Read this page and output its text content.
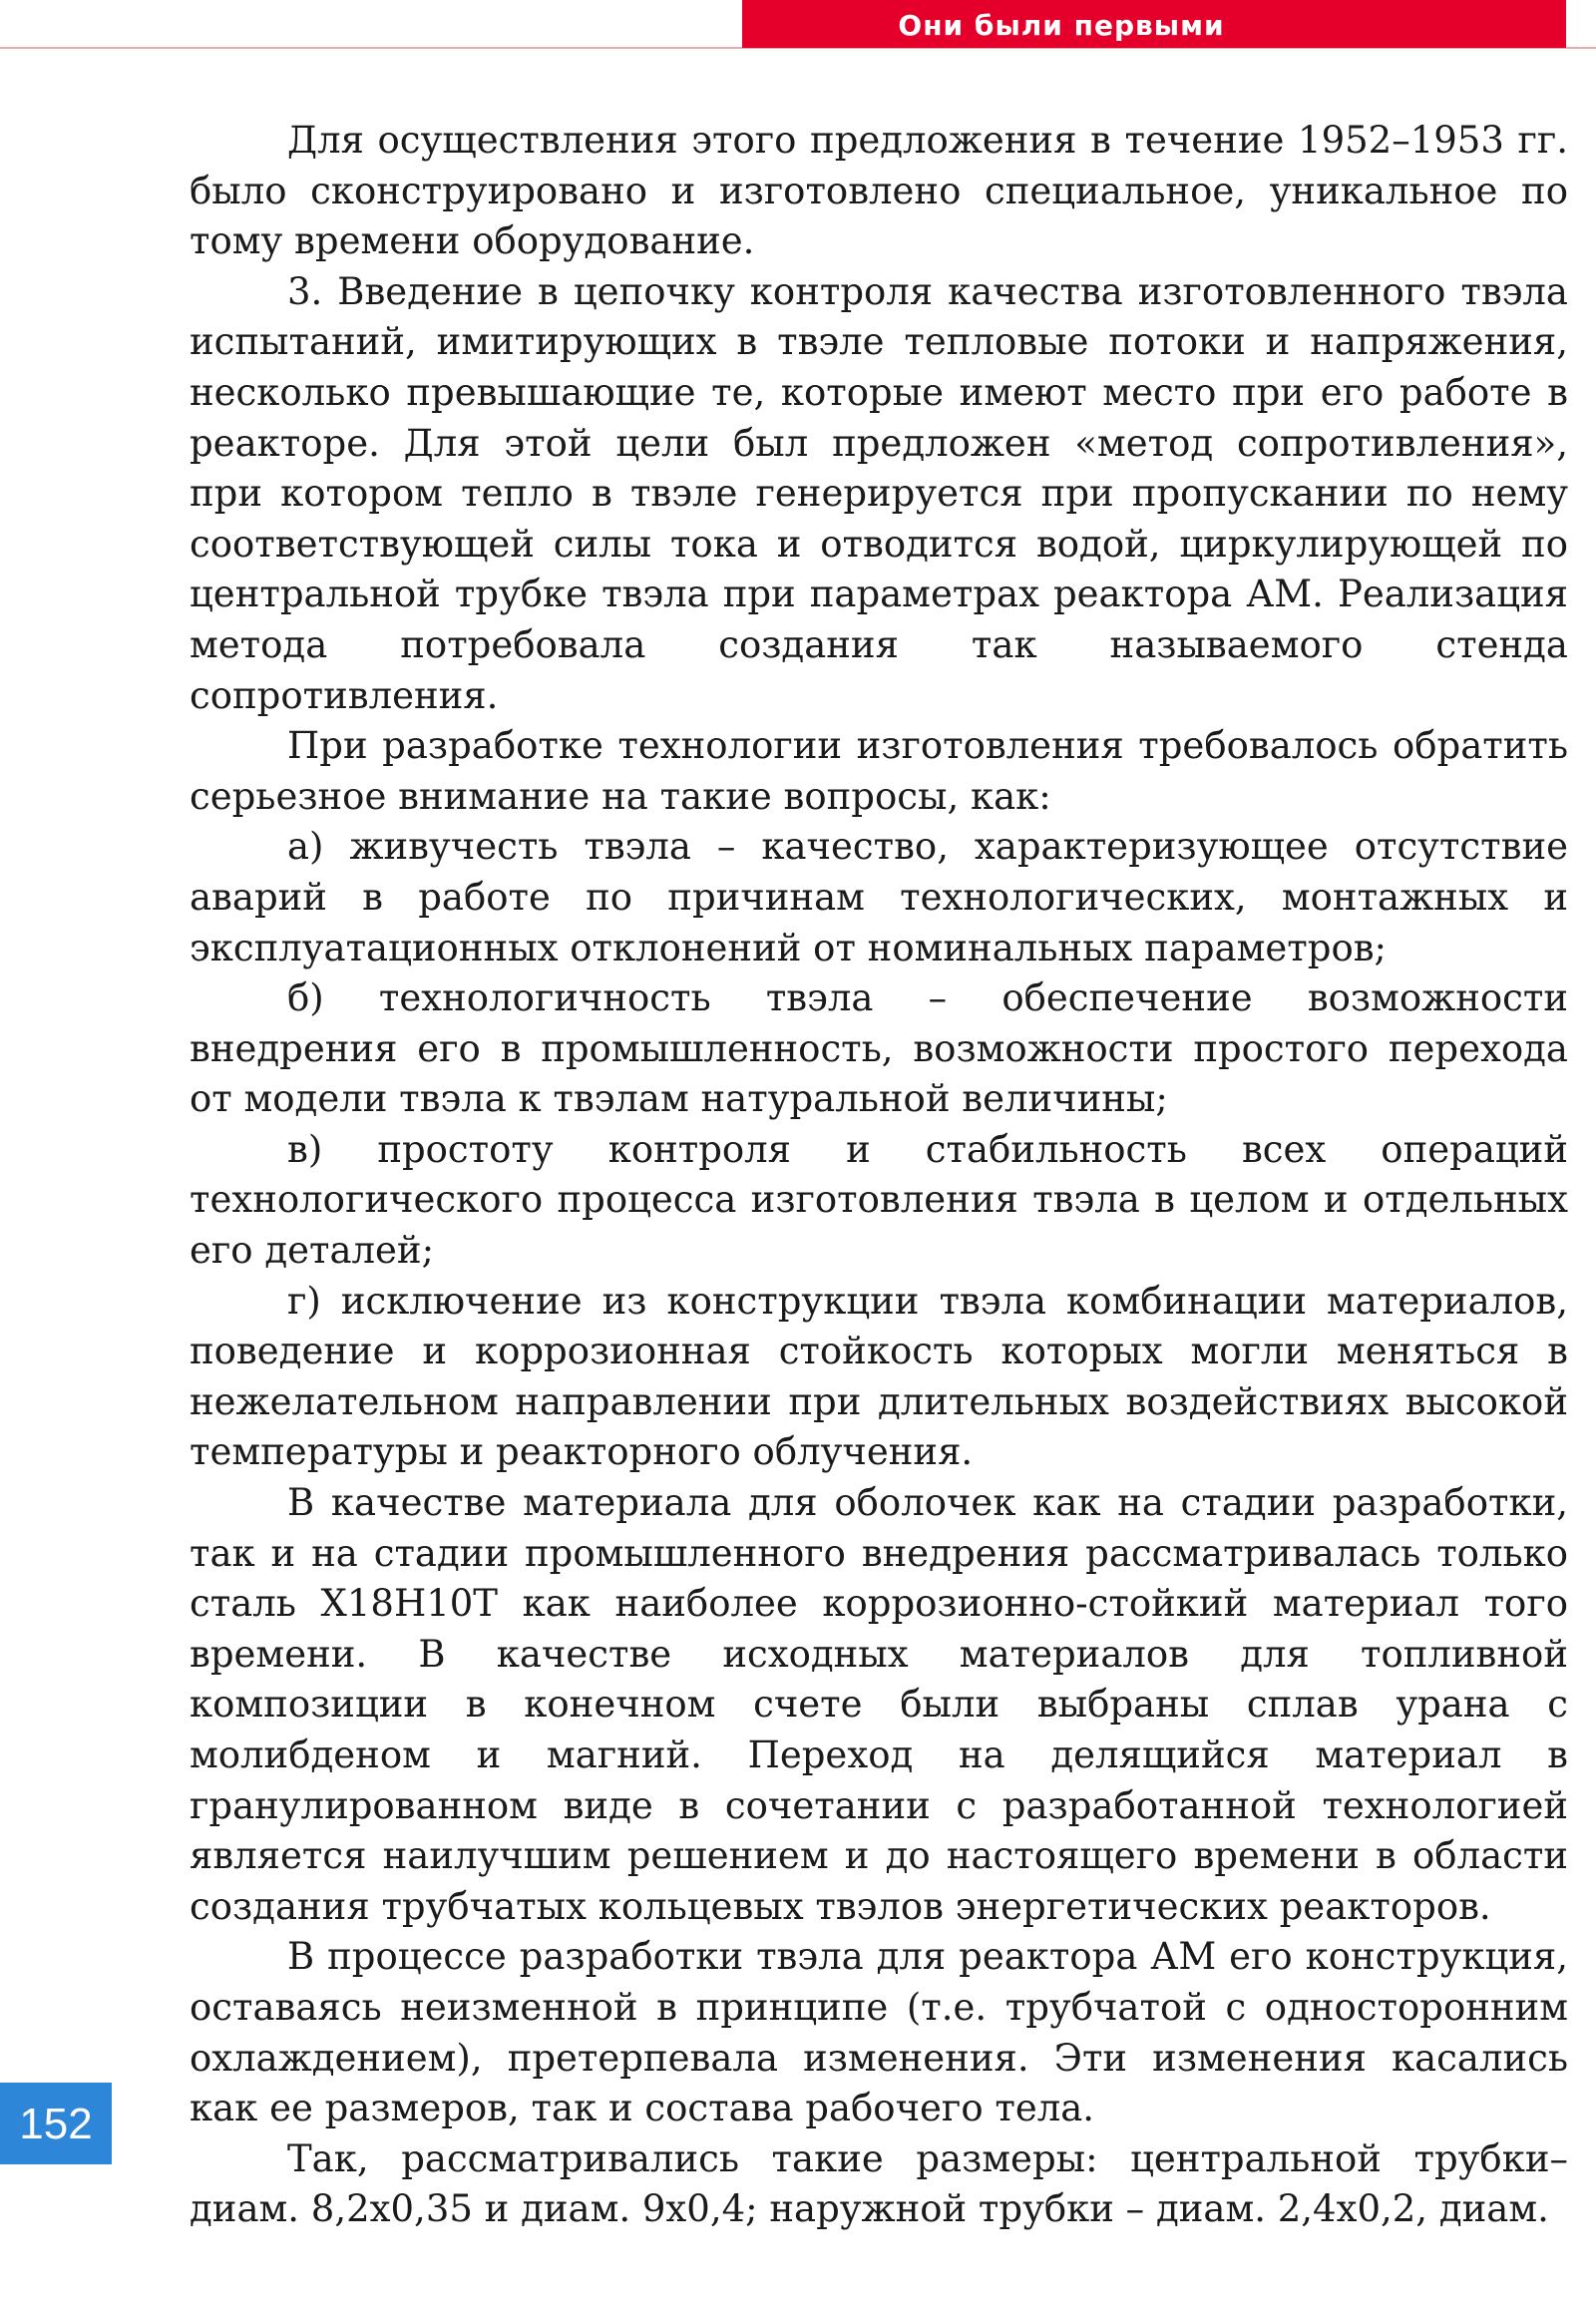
Они были первыми

Для осуществления этого предложения в течение 1952–1953 гг. было сконструировано и изготовлено специальное, уникальное по тому времени оборудование.

3. Введение в цепочку контроля качества изготовленного твэла испытаний, имитирующих в твэле тепловые потоки и напряжения, несколько превышающие те, которые имеют место при его работе в реакторе. Для этой цели был предложен «метод сопротивления», при котором тепло в твэле генерируется при пропускании по нему соответствующей силы тока и отводится водой, циркулирующей по центральной трубке твэла при параметрах реактора АМ. Реализация метода потребовала создания так называемого стенда сопротивления.

При разработке технологии изготовления требовалось обратить серьезное внимание на такие вопросы, как:

а) живучесть твэла – качество, характеризующее отсутствие аварий в работе по причинам технологических, монтажных и эксплуатационных отклонений от номинальных параметров;

б) технологичность твэла – обеспечение возможности внедрения его в промышленность, возможности простого перехода от модели твэла к твэлам натуральной величины;

в) простоту контроля и стабильность всех операций технологического процесса изготовления твэла в целом и отдельных его деталей;

г) исключение из конструкции твэла комбинации материалов, поведение и коррозионная стойкость которых могли меняться в нежелательном направлении при длительных воздействиях высокой температуры и реакторного облучения.

В качестве материала для оболочек как на стадии разработки, так и на стадии промышленного внедрения рассматривалась только сталь Х18Н10Т как наиболее коррозионно-стойкий материал того времени. В качестве исходных материалов для топливной композиции в конечном счете были выбраны сплав урана с молибденом и магний. Переход на делящийся материал в гранулированном виде в сочетании с разработанной технологией является наилучшим решением и до настоящего времени в области создания трубчатых кольцевых твэлов энергетических реакторов.

В процессе разработки твэла для реактора АМ его конструкция, оставаясь неизменной в принципе (т.е. трубчатой с односторонним охлаждением), претерпевала изменения. Эти изменения касались как ее размеров, так и состава рабочего тела.

Так, рассматривались такие размеры: центральной трубки– диам. 8,2х0,35 и диам. 9х0,4; наружной трубки – диам. 2,4х0,2, диам.

152
